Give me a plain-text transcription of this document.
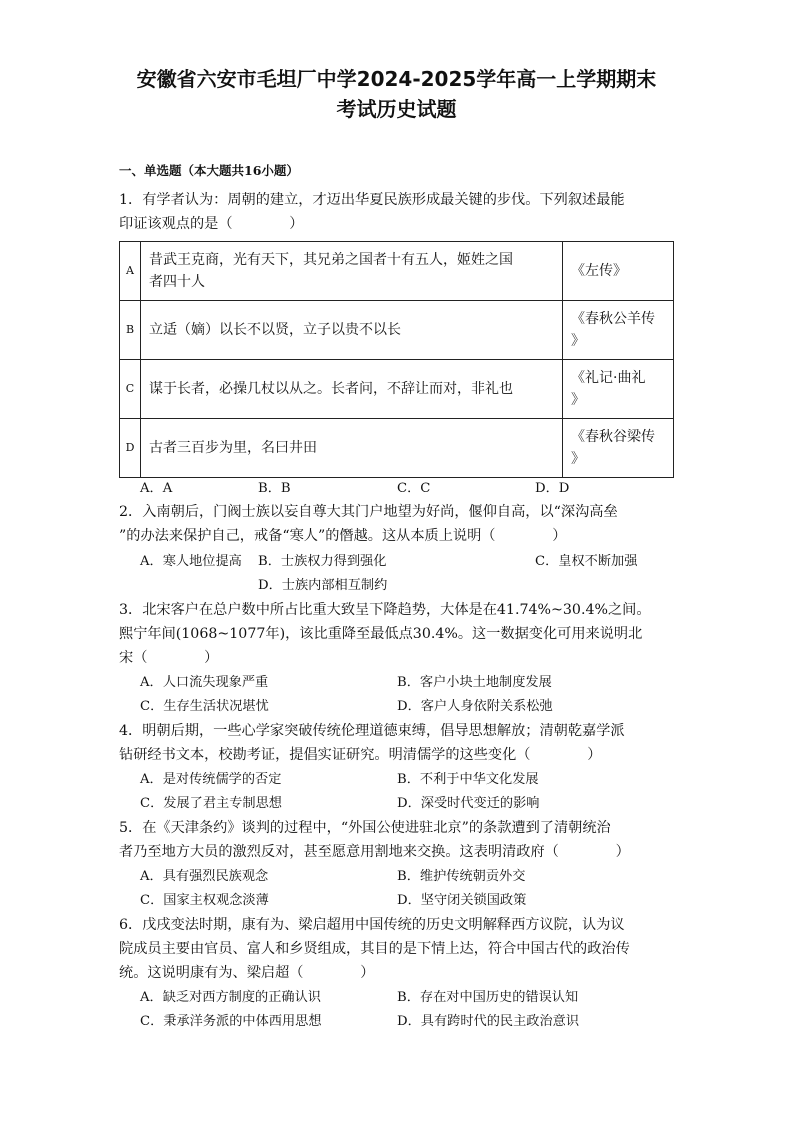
安徽省六安市毛坦厂中学2024-2025学年高一上学期期末
考试历史试题
一、单选题（本大题共16小题）
1．有学者认为：周朝的建立，才迈出华夏民族形成最关键的步伐。下列叙述最能
印证该观点的是（　　　　）
A	昔武王克商，光有天下，其兄弟之国者十有五人，姬姓之国
者四十人	《左传》

B	立适（嫡）以长不以贤，立子以贵不以长	《春秋公羊传
》

C	谋于长者，必操几杖以从之。长者问，不辞让而对，非礼也	《礼记·曲礼
》

D	古者三百步为里，名曰井田	《春秋谷梁传
》
A．A	B．B	C．C	D．D
2．入南朝后，门阀士族以妄自尊大其门户地望为好尚，偃仰自高，以“深沟高垒
”的办法来保护自己，戒备“寒人”的僭越。这从本质上说明（　　　　）
A．寒人地位提高 B．士族权力得到强化	C．皇权不断加强
D．士族内部相互制约
3．北宋客户在总户数中所占比重大致呈下降趋势，大体是在41.74%~30.4%之间。
熙宁年间(1068~1077年)，该比重降至最低点30.4%。这一数据变化可用来说明北
宋（　　　　）
A．人口流失现象严重	B．客户小块土地制度发展
C．生存生活状况堪忧	D．客户人身依附关系松弛
4．明朝后期，一些心学家突破传统伦理道德束缚，倡导思想解放；清朝乾嘉学派
钻研经书文本，校勘考证，提倡实证研究。明清儒学的这些变化（　　　　）
A．是对传统儒学的否定	B．不利于中华文化发展
C．发展了君主专制思想	D．深受时代变迁的影响
5．在《天津条约》谈判的过程中，“外国公使进驻北京”的条款遭到了清朝统治
者乃至地方大员的激烈反对，甚至愿意用割地来交换。这表明清政府（　　　　）
A．具有强烈民族观念	B．维护传统朝贡外交
C．国家主权观念淡薄	D．坚守闭关锁国政策
6．戊戌变法时期，康有为、梁启超用中国传统的历史文明解释西方议院，认为议
院成员主要由官员、富人和乡贤组成，其目的是下情上达，符合中国古代的政治传
统。这说明康有为、梁启超（　　　　）
A．缺乏对西方制度的正确认识	B．存在对中国历史的错误认知
C．秉承洋务派的中体西用思想	D．具有跨时代的民主政治意识
